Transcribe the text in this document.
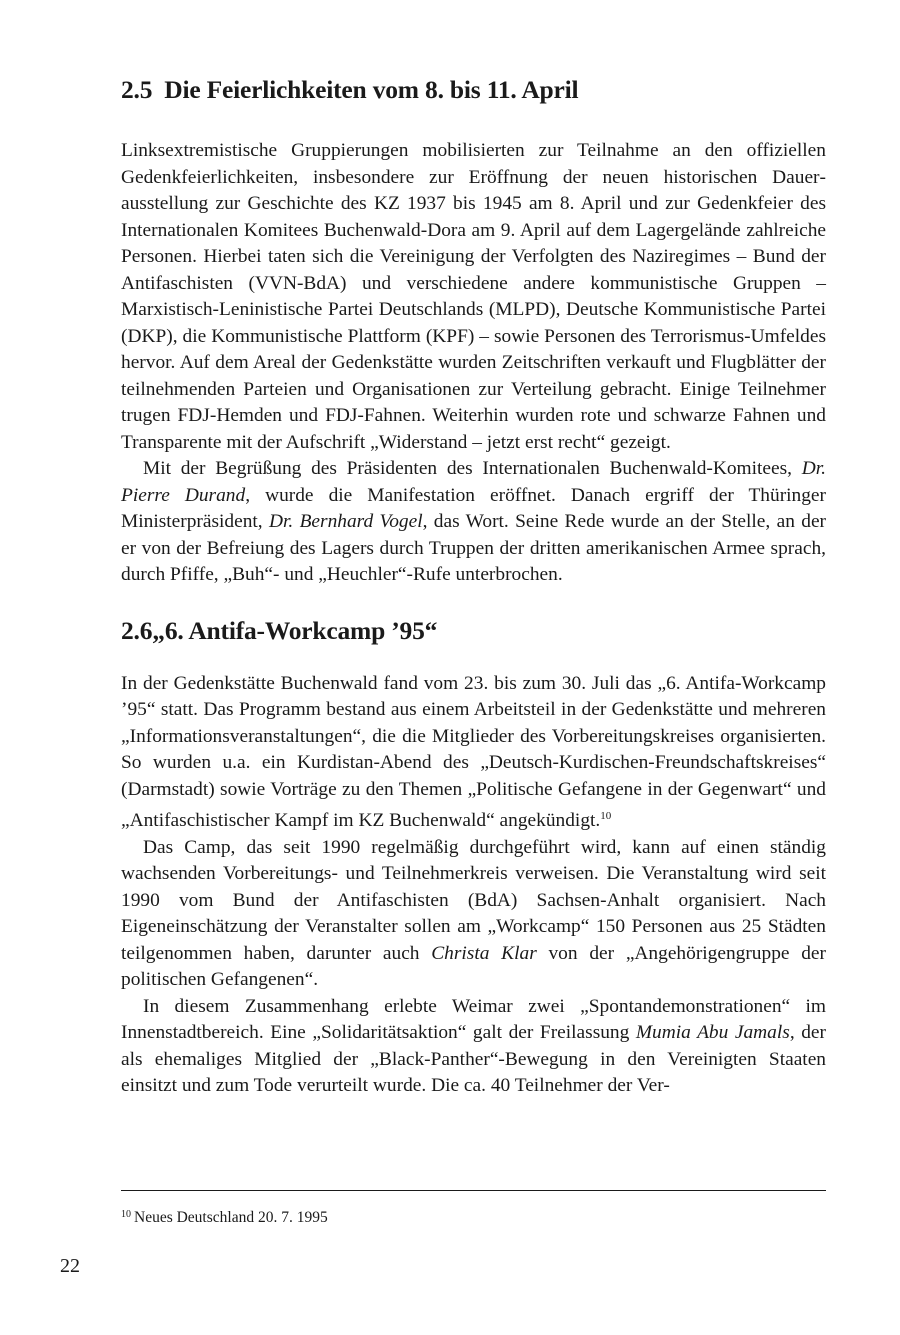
2.5 Die Feierlichkeiten vom 8. bis 11. April

Linksextremistische Gruppierungen mobilisierten zur Teilnahme an den offiziellen Gedenkfeierlichkeiten, insbesondere zur Eröffnung der neuen historischen Dauerausstellung zur Geschichte des KZ 1937 bis 1945 am 8. April und zur Gedenkfeier des Internationalen Komitees Buchenwald-Dora am 9. April auf dem Lagergelände zahlreiche Personen. Hierbei taten sich die Vereinigung der Verfolgten des Naziregimes – Bund der Antifaschisten (VVN-BdA) und verschiedene andere kommunistische Gruppen – Marxistisch-Leninistische Partei Deutschlands (MLPD), Deutsche Kommunistische Partei (DKP), die Kommunistische Plattform (KPF) – sowie Personen des Terrorismus-Umfeldes hervor. Auf dem Areal der Gedenkstätte wurden Zeitschriften verkauft und Flugblätter der teilnehmenden Parteien und Organisationen zur Verteilung gebracht. Einige Teilnehmer trugen FDJ-Hemden und FDJ-Fahnen. Weiterhin wurden rote und schwarze Fahnen und Transparente mit der Aufschrift „Widerstand – jetzt erst recht“ gezeigt.

Mit der Begrüßung des Präsidenten des Internationalen Buchenwald-Komitees, Dr. Pierre Durand, wurde die Manifestation eröffnet. Danach ergriff der Thüringer Ministerpräsident, Dr. Bernhard Vogel, das Wort. Seine Rede wurde an der Stelle, an der er von der Befreiung des Lagers durch Truppen der dritten amerikanischen Armee sprach, durch Pfiffe, „Buh“- und „Heuchler“-Rufe unterbrochen.

2.6„6. Antifa-Workcamp ’95“

In der Gedenkstätte Buchenwald fand vom 23. bis zum 30. Juli das „6. Antifa-Workcamp ’95“ statt. Das Programm bestand aus einem Arbeitsteil in der Gedenkstätte und mehreren „Informationsveranstaltungen“, die die Mitglieder des Vorbereitungskreises organisierten. So wurden u.a. ein Kurdistan-Abend des „Deutsch-Kurdischen-Freundschaftskreises“ (Darmstadt) sowie Vorträge zu den Themen „Politische Gefangene in der Gegenwart“ und „Antifaschistischer Kampf im KZ Buchenwald“ angekündigt.$^{10}$

Das Camp, das seit 1990 regelmäßig durchgeführt wird, kann auf einen ständig wachsenden Vorbereitungs- und Teilnehmerkreis verweisen. Die Veranstaltung wird seit 1990 vom Bund der Antifaschisten (BdA) Sachsen-Anhalt organisiert. Nach Eigeneinschätzung der Veranstalter sollen am „Workcamp“ 150 Personen aus 25 Städten teilgenommen haben, darunter auch Christa Klar von der „Angehörigengruppe der politischen Gefangenen“.

In diesem Zusammenhang erlebte Weimar zwei „Spontandemonstrationen“ im Innenstadtbereich. Eine „Solidaritätsaktion“ galt der Freilassung Mumia Abu Jamals, der als ehemaliges Mitglied der „Black-Panther“-Bewegung in den Vereinigten Staaten einsitzt und zum Tode verurteilt wurde. Die ca. 40 Teilnehmer der Ver-

$^{10}$ Neues Deutschland 20. 7. 1995
22
